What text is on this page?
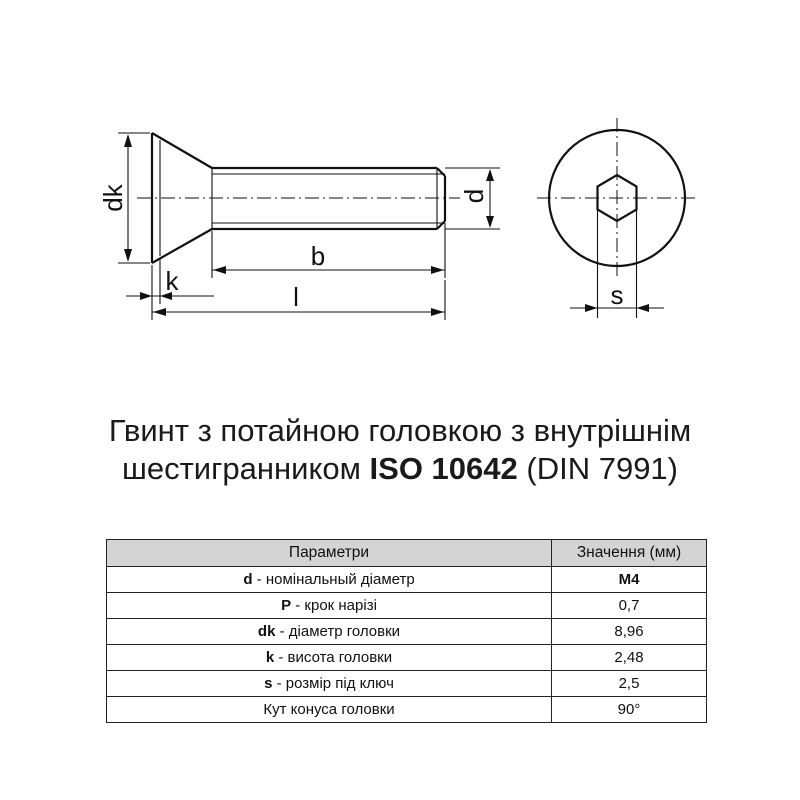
dk	d
k
b
l	s
Гвинт з потайною головкою з внутрішнім
шестигранником ISO 10642 (DIN 7991)
Параметри	Значення (мм)
d - номінальный діаметр	M4
P - крок нарізі	0,7
dk - діаметр головки	8,96
k - висота головки	2,48
s - розмір під ключ	2,5
Кут конуса головки	90°
